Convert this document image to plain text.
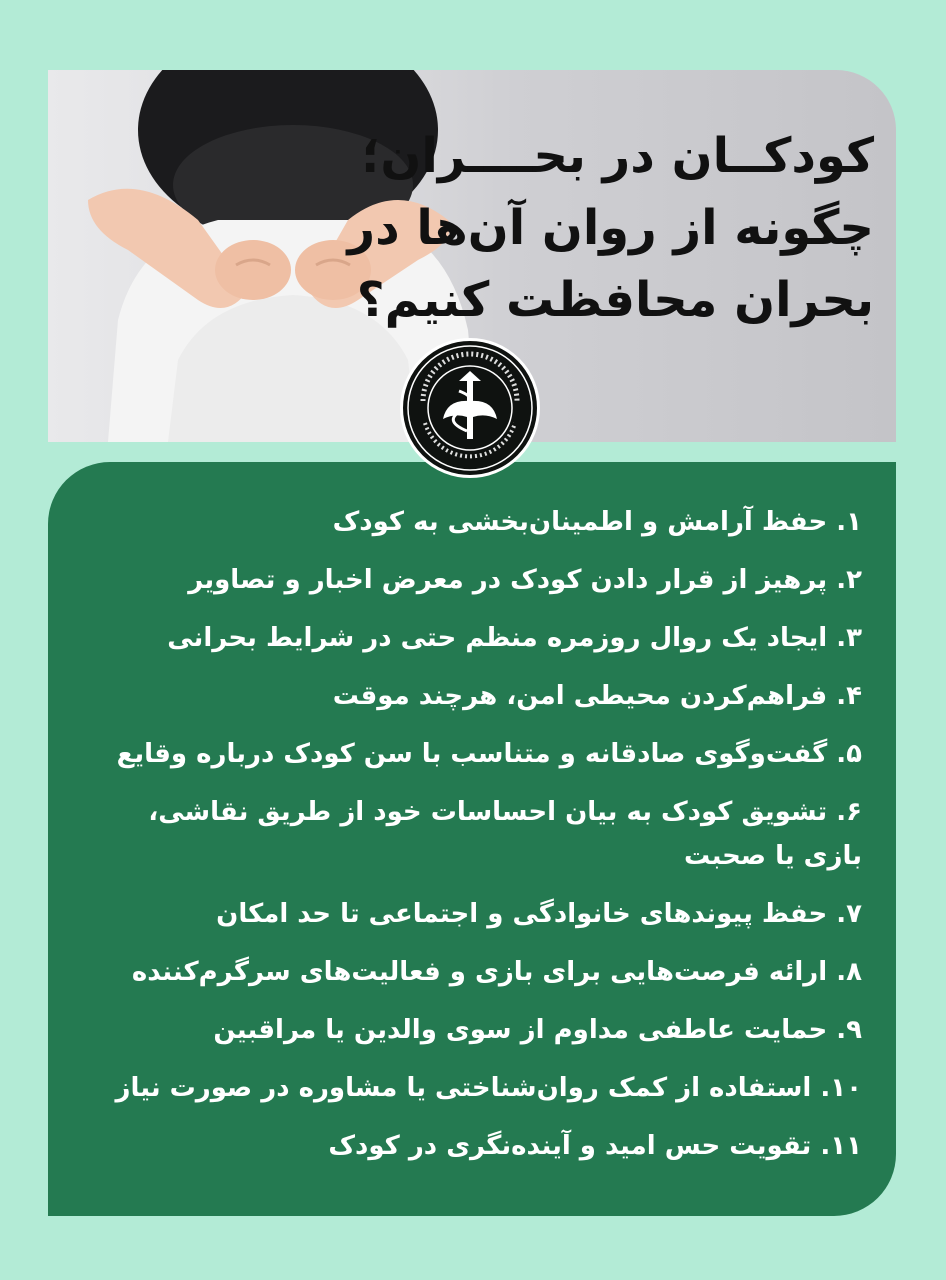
کودکــان در بحــــران؛
چگونه از روان آن‌ها در
بحران محافظت کنیم؟
۱. حفظ آرامش و اطمینان‌بخشی به کودک
۲. پرهیز از قرار دادن کودک در معرض اخبار و تصاویر
۳. ایجاد یک روال روزمره منظم حتی در شرایط بحرانی
۴. فراهم‌کردن محیطی امن، هرچند موقت
۵. گفت‌وگوی صادقانه و متناسب با سن کودک درباره وقایع
۶. تشویق کودک به بیان احساسات خود از طریق نقاشی، بازی یا صحبت
۷. حفظ پیوندهای خانوادگی و اجتماعی تا حد امکان
۸. ارائه فرصت‌هایی برای بازی و فعالیت‌های سرگرم‌کننده
۹. حمایت عاطفی مداوم از سوی والدین یا مراقبین
۱۰. استفاده از کمک روان‌شناختی یا مشاوره در صورت نیاز
۱۱. تقویت حس امید و آینده‌نگری در کودک
